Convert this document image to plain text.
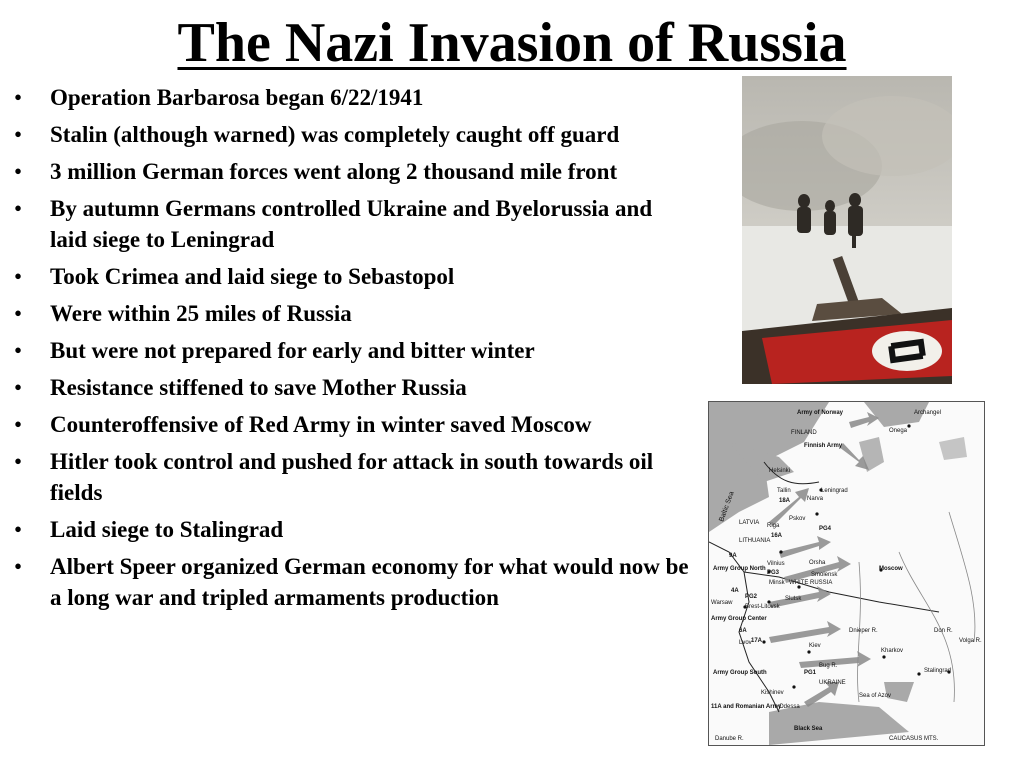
The Nazi Invasion of Russia
• Operation Barbarosa began 6/22/1941
• Stalin (although warned) was completely caught off guard
• 3 million German forces went along 2 thousand mile front
• By autumn Germans controlled Ukraine and Byelorussia and laid siege to Leningrad
• Took Crimea and laid siege to Sebastopol
• Were within 25 miles of Russia
• But were not prepared for early and bitter winter
• Resistance stiffened to save Mother Russia
• Counteroffensive of Red Army in winter saved Moscow
• Hitler took control and pushed for attack in south towards oil fields
• Laid siege to Stalingrad
• Albert Speer organized German economy for what would now be a long war and tripled armaments production
Army of Norway	Archangel
Onega
Finnish Army
FINLAND
Helsinki
Tallin
Narva
Leningrad
18A
Baltic Sea
LATVIA Riga
Pskov
PG4
LITHUANIA
16A
9A
Army Group North
Vilnius
PG3
Orsha
Smolensk
Minsk WHITE RUSSIA
Moscow
4A
PG2
Warsaw
Brest-Litovsk
Slutsk
Army Group Center
6A
17A
Lvov	Kiev
Kharkov
Stalingrad
Army Group South	PG1
UKRAINE
Kishinev
Odessa
11A and Romanian Army
Sea of Azov
Black Sea
CAUCASUS MTS.
Don R.
Volga R.
Dnieper R.
Bug R.
Danube R.
